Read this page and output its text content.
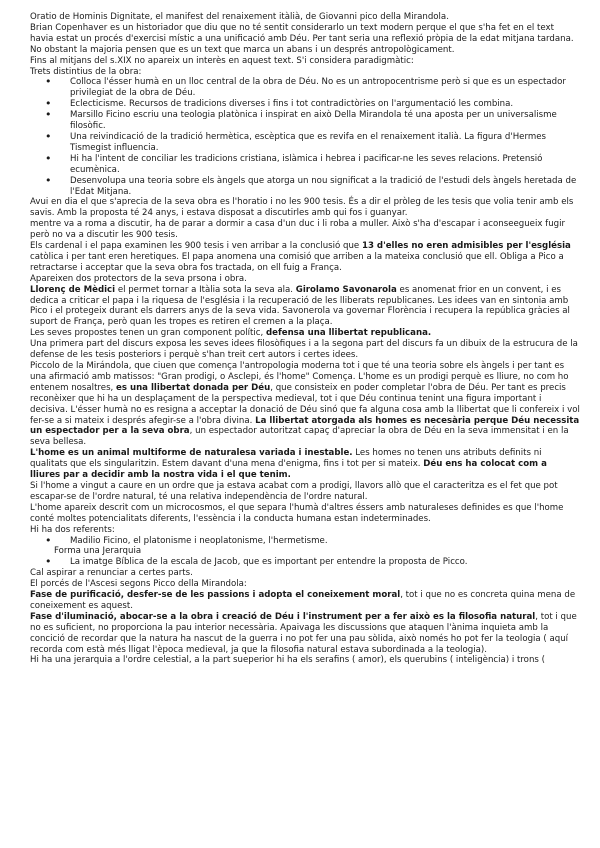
Oratio de Hominis Dignitate, el manifest del renaixement itàlià, de Giovanni pico della Mirandola.

Brian Copenhaver es un historiador que diu que no té sentit considerarlo un text modern perque el que s'ha fet en el text havia estat un procés d'exercisi místic a una unificació amb Déu. Per tant seria una reflexió pròpia de la edat mitjana tardana. No obstant la majoria pensen que es un text que marca un abans i un després antropològicament.

Fins al mitjans del s.XIX no apareix un interès en aquest text. S'i considera paradigmàtic:

Trets distintius de la obra:

• Colloca l'ésser humà en un lloc central de la obra de Déu. No es un antropocentrisme però si que es un espectador privilegiat de la obra de Déu.
• Eclecticisme. Recursos de tradicions diverses i fins i tot contradictòries on l'argumentació les combina.
• Marsillo Ficino escriu una teologia platònica i inspirat en això Della Mirandola té una aposta per un universalisme filosòfic.
• Una reivindicació de la tradició hermètica, escèptica que es revifa en el renaixement italià. La figura d'Hermes Tismegist influencia.
• Hi ha l'intent de conciliar les tradicions cristiana, islàmica i hebrea i pacificar-ne les seves relacions. Pretensió ecumènica.
• Desenvolupa una teoria sobre els àngels que atorga un nou significat a la tradició de l'estudi dels àngels heretada de l'Edat Mitjana.

Avui en dia el que s'aprecia de la seva obra es l'horatio i no les 900 tesis. És a dir el pròleg de les tesis que volia tenir amb els savis. Amb la proposta té 24 anys, i estava disposat a discutirles amb qui fos i guanyar.

mentre va a roma a discutir, ha de parar a dormir a casa d'un duc i li roba a muller. Això s'ha d'escapar i aconseegueix fugir però no va a discutir les 900 tesis.

Els cardenal i el papa examinen les 900 tesis i ven arribar a la conclusió que 13 d'elles no eren admisibles per l'església catòlica i per tant eren heretiques. El papa anomena una comisió que arriben a la mateixa conclusió que ell. Obliga a Pico a retractarse i acceptar que la seva obra fos tractada, on ell fuig a França.

Apareixen dos protectors de la seva prsona i obra.

Llorenç de Mèdici el permet tornar a Itàlia sota la seva ala. Girolamo Savonarola es anomenat frior en un convent, i es dedica a criticar el papa i la riquesa de l'església i la recuperació de les lliberats republicanes. Les idees van en sintonia amb Pico i el protegeix durant els darrers anys de la seva vida. Savonerola va governar Florència i recupera la república gràcies al suport de França, però quan les tropes es retiren el cremen a la plaça.

Les seves propostes tenen un gran component polític, defensa una llibertat republicana.

Una primera part del discurs exposa les seves idees filosòfiques i a la segona part del discurs fa un dibuix de la estrucura de la defense de les tesis posteriors i perquè s'han treit cert autors i certes idees.

Piccolo de la Mirándola, que ciuen que comença l'antropologia moderna tot i que té una teoria sobre els àngels i per tant es una afirmació amb matissos: "Gran prodigi, o Asclepi, és l'home" Comença. L'home es un prodigi perquè es lliure, no com ho entenem nosaltres, es una llibertat donada per Déu, que consisteix en poder completar l'obra de Déu. Per tant es precis reconèixer que hi ha un desplaçament de la perspectiva medieval, tot i que Déu continua tenint una figura important i decisiva. L'ésser humà no es resigna a acceptar la donació de Déu sinó que fa alguna cosa amb la llibertat que li confereix i vol fer-se a si mateix i després afegir-se a l'obra divina. La llibertat atorgada als homes es necesària perque Déu necessita un espectador per a la seva obra, un espectador autoritzat capaç d'apreciar la obra de Déu en la seva immensitat i en la seva bellesa.

L'home es un animal multiforme de naturalesa variada i inestable. Les homes no tenen uns atributs definits ni qualitats que els singularitzin. Estem davant d'una mena d'enigma, fins i tot per si mateix. Déu ens ha colocat com a lliures par a decidir amb la nostra vida i el que tenim.

Si l'home a vingut a caure en un ordre que ja estava acabat com a prodigi, llavors allò que el caracteritza es el fet que pot escapar-se de l'ordre natural, té una relativa independència de l'ordre natural.

L'home apareix descrit com un microcosmos, el que separa l'humà d'altres éssers amb naturaleses definides es que l'home conté moltes potencialitats diferents, l'essència i la conducta humana estan indeterminades.

Hi ha dos referents:

• Madilio Ficino, el platonisme i neoplatonisme, l'hermetisme.

Forma una Jerarquia

• La imatge Bíblica de la escala de Jacob, que es important per entendre la proposta de Picco.

Cal aspirar a renunciar a certes parts.

El porcés de l'Ascesi segons Picco della Mirandola:

Fase de purificació, desfer-se de les passions i adopta el coneixement moral, tot i que no es concreta quina mena de coneixement es aquest.

Fase d'iluminació, abocar-se a la obra i creació de Déu i l'instrument per a fer això es la filosofia natural, tot i que no es suficient, no proporciona la pau interior necessària. Apaivaga les discussions que ataquen l'ànima inquieta amb la concició de recordar que la natura ha nascut de la guerra i no pot fer una pau sòlida, això només ho pot fer la teologia ( aquí recorda com està més lligat l'època medieval, ja que la filosofia natural estava subordinada a la teologia).

Hi ha una jerarquia a l'ordre celestial, a la part sueperior hi ha els serafins ( amor), els querubins ( inteligència) i trons (
